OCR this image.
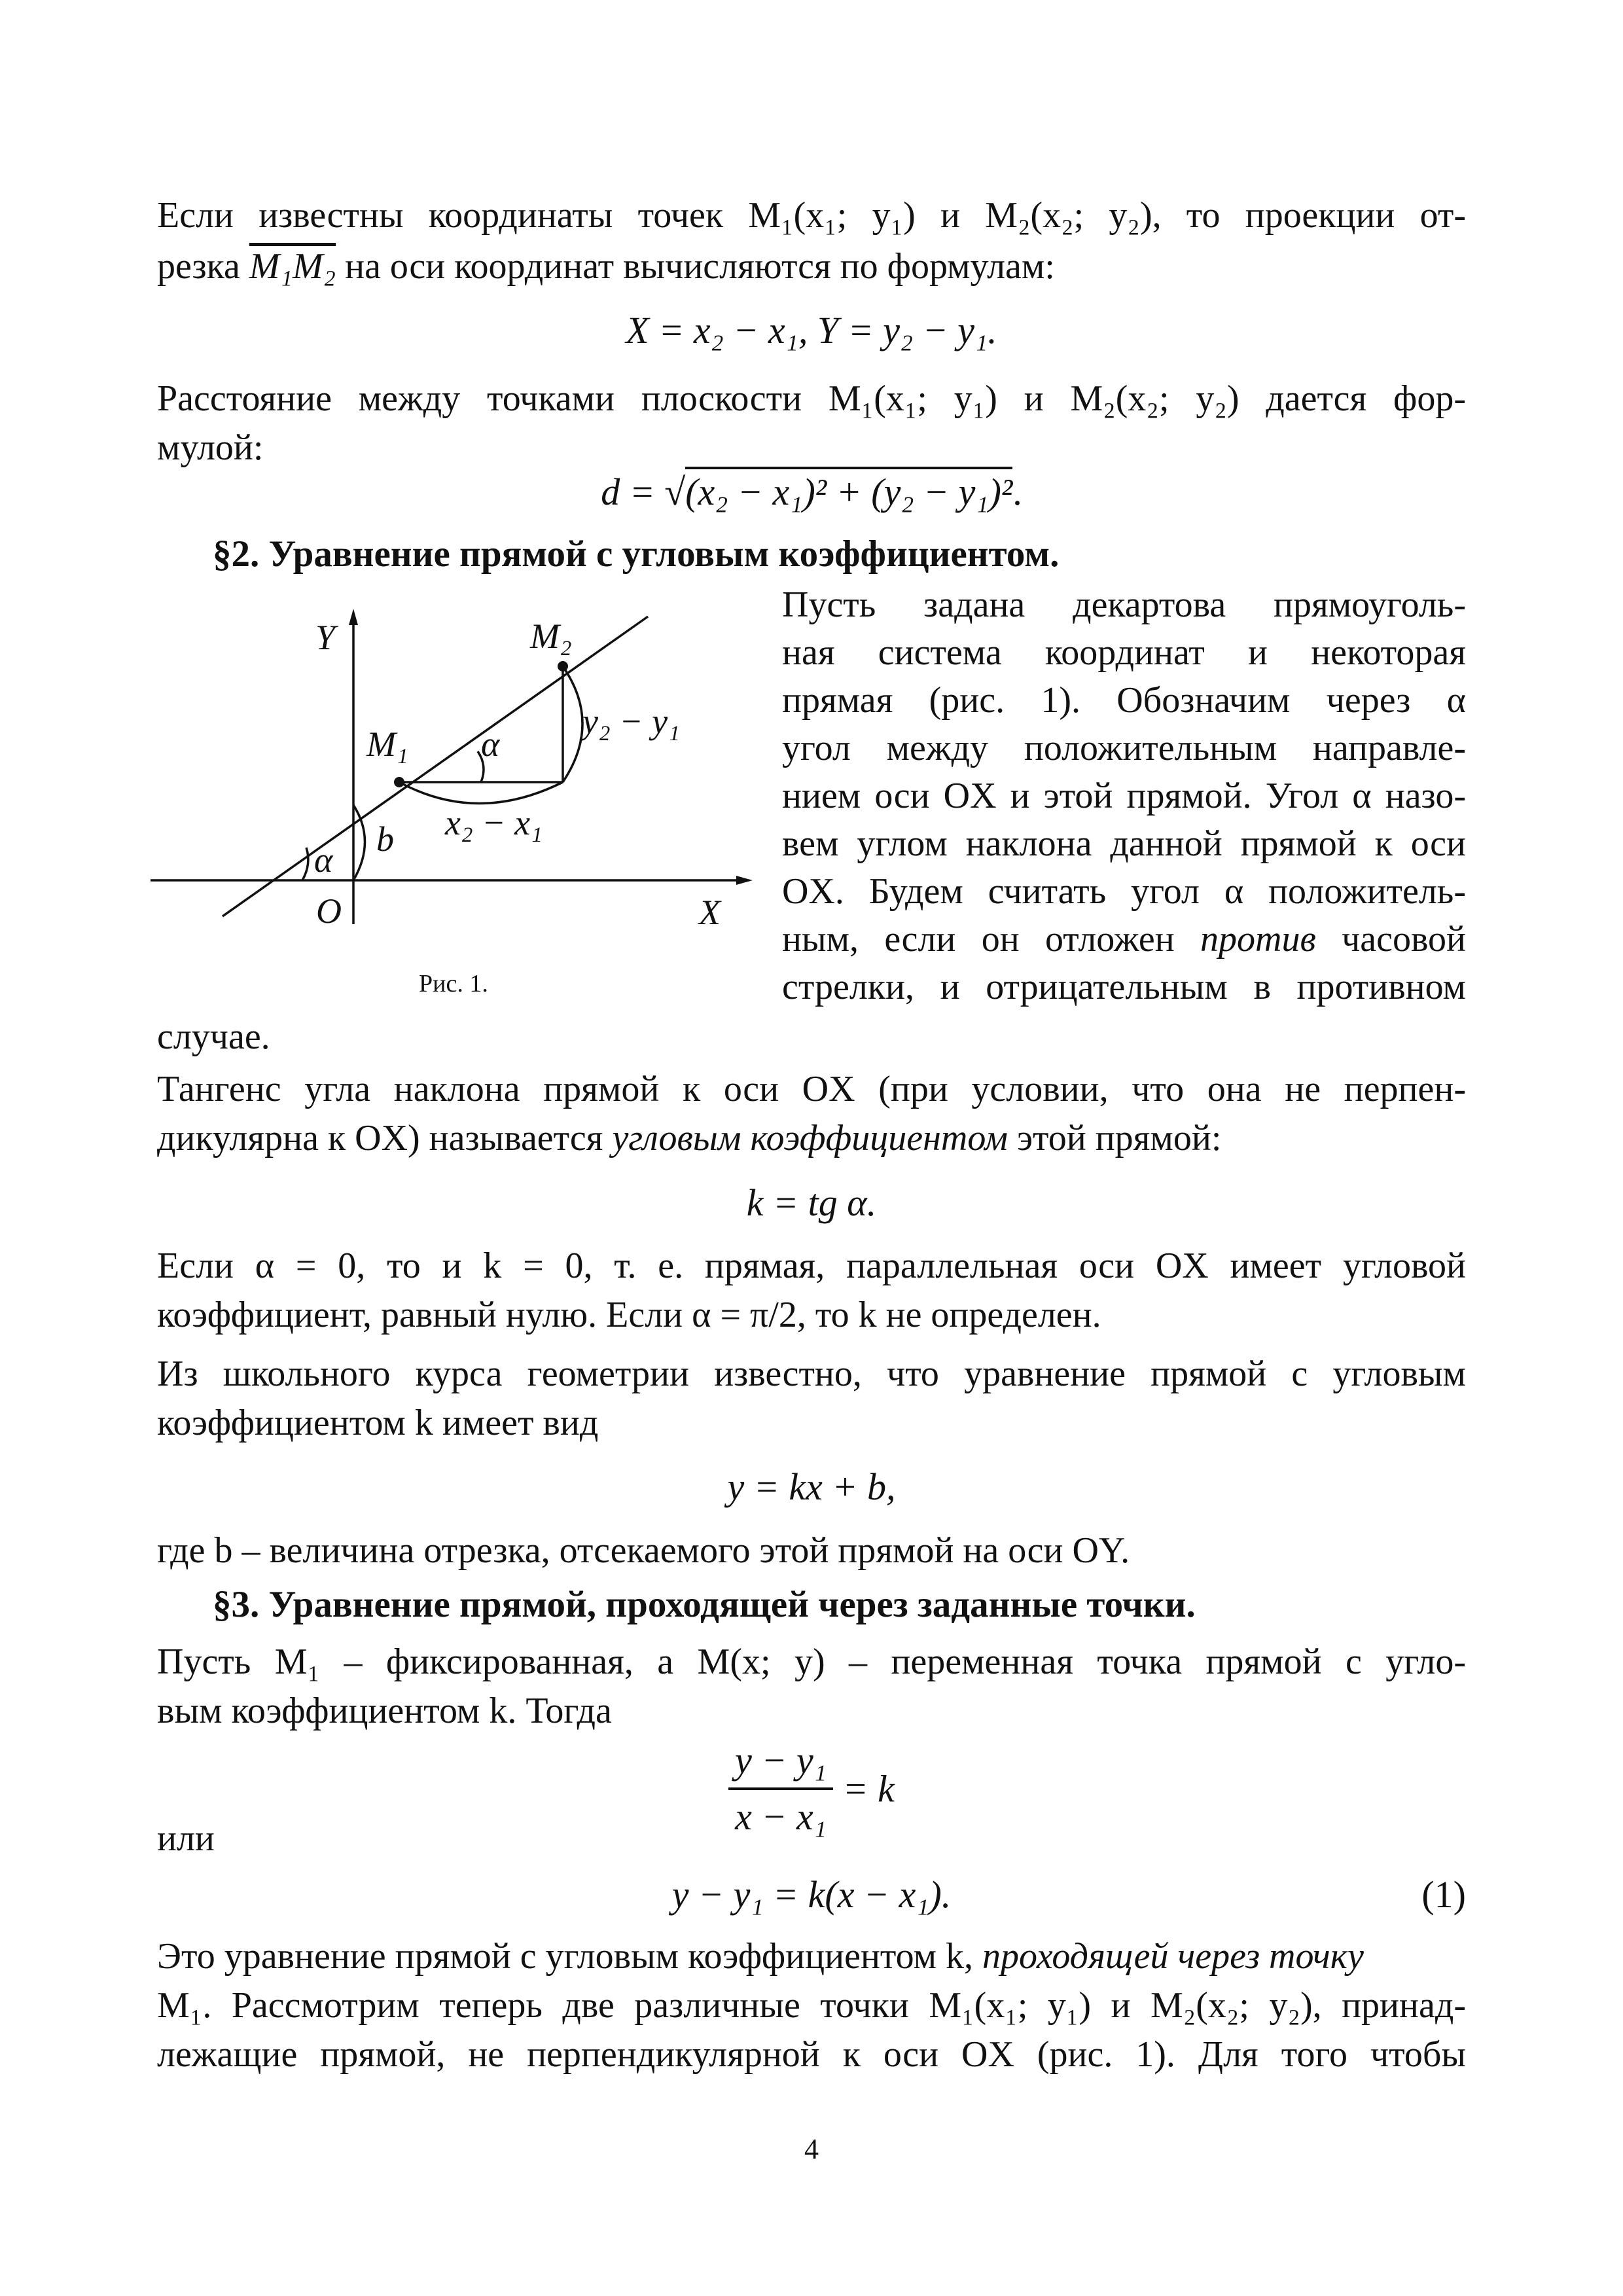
Если известны координаты точек M₁(x₁; y₁) и M₂(x₂; y₂), то проекции от-
резка M₁M₂ на оси координат вычисляются по формулам:
X = x₂ − x₁, Y = y₂ − y₁.
Расстояние между точками плоскости M₁(x₁; y₁) и M₂(x₂; y₂) дается фор-
мулой:
d = √(x₂ − x₁)² + (y₂ − y₁)².
§2. Уравнение прямой с угловым коэффициентом.
Y
X
O
M₁
M₂
α
α
b
y₂ − y₁
x₂ − x₁
Рис. 1.
Пусть задана декартова прямоуголь-
ная система координат и некоторая
прямая (рис. 1). Обозначим через α
угол между положительным направле-
нием оси OX и этой прямой. Угол α назо-
вем углом наклона данной прямой к оси
OX. Будем считать угол α положитель-
ным, если он отложен против часовой
стрелки, и отрицательным в противном
случае.
Тангенс угла наклона прямой к оси OX (при условии, что она не перпен-
дикулярна к OX) называется угловым коэффициентом этой прямой:
k = tg α.
Если α = 0, то и k = 0, т. е. прямая, параллельная оси OX имеет угловой
коэффициент, равный нулю. Если α = π/2, то k не определен.
Из школьного курса геометрии известно, что уравнение прямой с угловым
коэффициентом k имеет вид
y = kx + b,
где b – величина отрезка, отсекаемого этой прямой на оси OY.
§3. Уравнение прямой, проходящей через заданные точки.
Пусть M₁ – фиксированная, а M(x; y) – переменная точка прямой с угло-
вым коэффициентом k. Тогда
$\frac{\text{y − y₁}}{\text{x − x₁}} = k$
или
y − y₁ = k(x − x₁).	(1)
Это уравнение прямой с угловым коэффициентом k, проходящей через точку
M₁. Рассмотрим теперь две различные точки M₁(x₁; y₁) и M₂(x₂; y₂), принад-
лежащие прямой, не перпендикулярной к оси OX (рис. 1). Для того чтобы
4
